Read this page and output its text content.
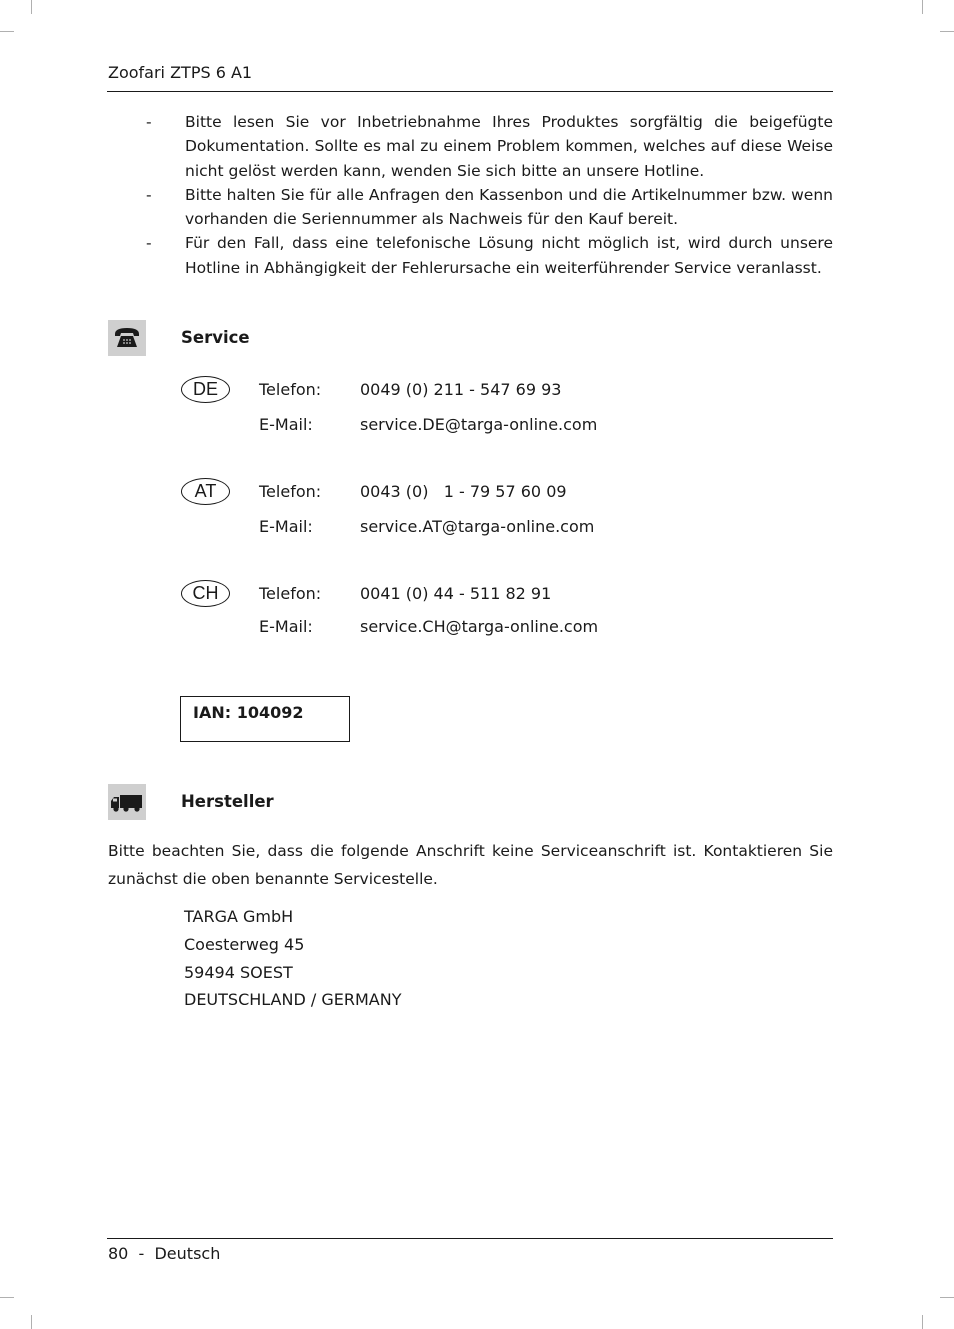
Zoofari ZTPS 6 A1
- Bitte lesen Sie vor Inbetriebnahme Ihres Produktes sorgfältig die beigefügte Dokumentation. Sollte es mal zu einem Problem kommen, welches auf diese Weise nicht gelöst werden kann, wenden Sie sich bitte an unsere Hotline.
- Bitte halten Sie für alle Anfragen den Kassenbon und die Artikelnummer bzw. wenn vorhanden die Seriennummer als Nachweis für den Kauf bereit.
- Für den Fall, dass eine telefonische Lösung nicht möglich ist, wird durch unsere Hotline in Abhängigkeit der Fehlerursache ein weiterführender Service veranlasst.
Service
DE	Telefon: 0049 (0) 211 - 547 69 93
E-Mail:	service.DE@targa-online.com
AT	Telefon: 0043 (0)   1 - 79 57 60 09
E-Mail:	service.AT@targa-online.com
CH	Telefon: 0041 (0) 44 - 511 82 91
E-Mail:	service.CH@targa-online.com
IAN: 104092
Hersteller
Bitte beachten Sie, dass die folgende Anschrift keine Serviceanschrift ist. Kontaktieren Sie zunächst die oben benannte Servicestelle.
TARGA GmbH
Coesterweg 45
59494 SOEST
DEUTSCHLAND / GERMANY
80 - Deutsch
